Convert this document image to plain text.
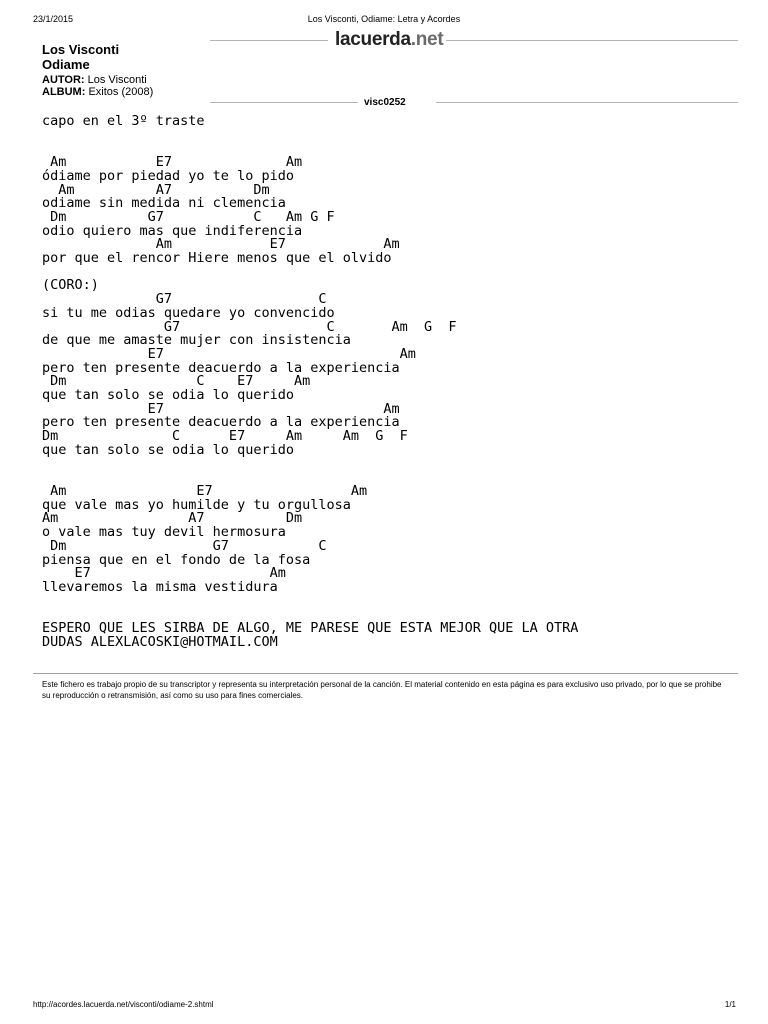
23/1/2015	Los Visconti, Odiame: Letra y Acordes
lacuerda.net
Los Visconti
Odiame
AUTOR: Los Visconti
ALBUM: Exitos (2008)
visc0252
capo en el 3º traste

Am           E7              Am
ódiame por piedad yo te lo pido
Am          A7          Dm
odiame sin medida ni clemencia
Dm          G7           C   Am G F
odio quiero mas que indiferencia
Am            E7            Am
por que el rencor Hiere menos que el olvido

(CORO:)
G7                  C
si tu me odias quedare yo convencido
G7                  C       Am  G  F
de que me amaste mujer con insistencia
E7                             Am
pero ten presente deacuerdo a la experiencia
Dm                C    E7     Am
que tan solo se odia lo querido
E7                           Am
pero ten presente deacuerdo a la experiencia
Dm              C      E7     Am     Am  G  F
que tan solo se odia lo querido

Am                E7                 Am
que vale mas yo humilde y tu orgullosa
Am                A7          Dm
o vale mas tuy devil hermosura
Dm                  G7           C
piensa que en el fondo de la fosa
E7                      Am
llevaremos la misma vestidura

ESPERO QUE LES SIRBA DE ALGO, ME PARESE QUE ESTA MEJOR QUE LA OTRA
DUDAS ALEXLACOSKI@HOTMAIL.COM
Este fichero es trabajo propio de su transcriptor y representa su interpretación personal de la canción. El material contenido en esta página es para exclusivo uso privado, por lo que se prohibe su reproducción o retransmisión, así como su uso para fines comerciales.
http://acordes.lacuerda.net/visconti/odiame-2.shtml	1/1
